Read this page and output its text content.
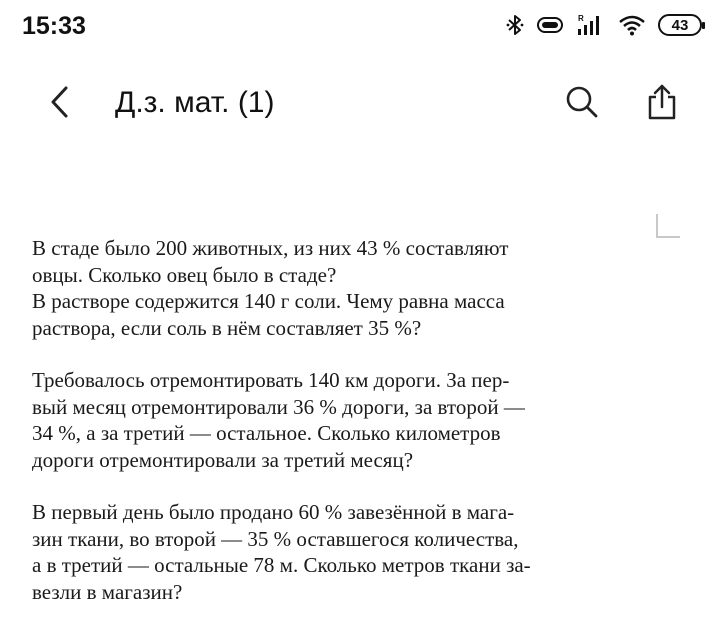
15:33	R	43
Д.з. мат. (1)

В стаде было 200 животных, из них 43 % составляют

овцы. Сколько овец было в стаде?

В растворе содержится 140 г соли. Чему равна масса

раствора, если соль в нём составляет 35 %?

Требовалось отремонтировать 140 км дороги. За пер-

вый месяц отремонтировали 36 % дороги, за второй —

34 %, а за третий — остальное. Сколько километров

дороги отремонтировали за третий месяц?

В первый день было продано 60 % завезённой в мага-

зин ткани, во второй — 35 % оставшегося количества,

а в третий — остальные 78 м. Сколько метров ткани за-

везли в магазин?
